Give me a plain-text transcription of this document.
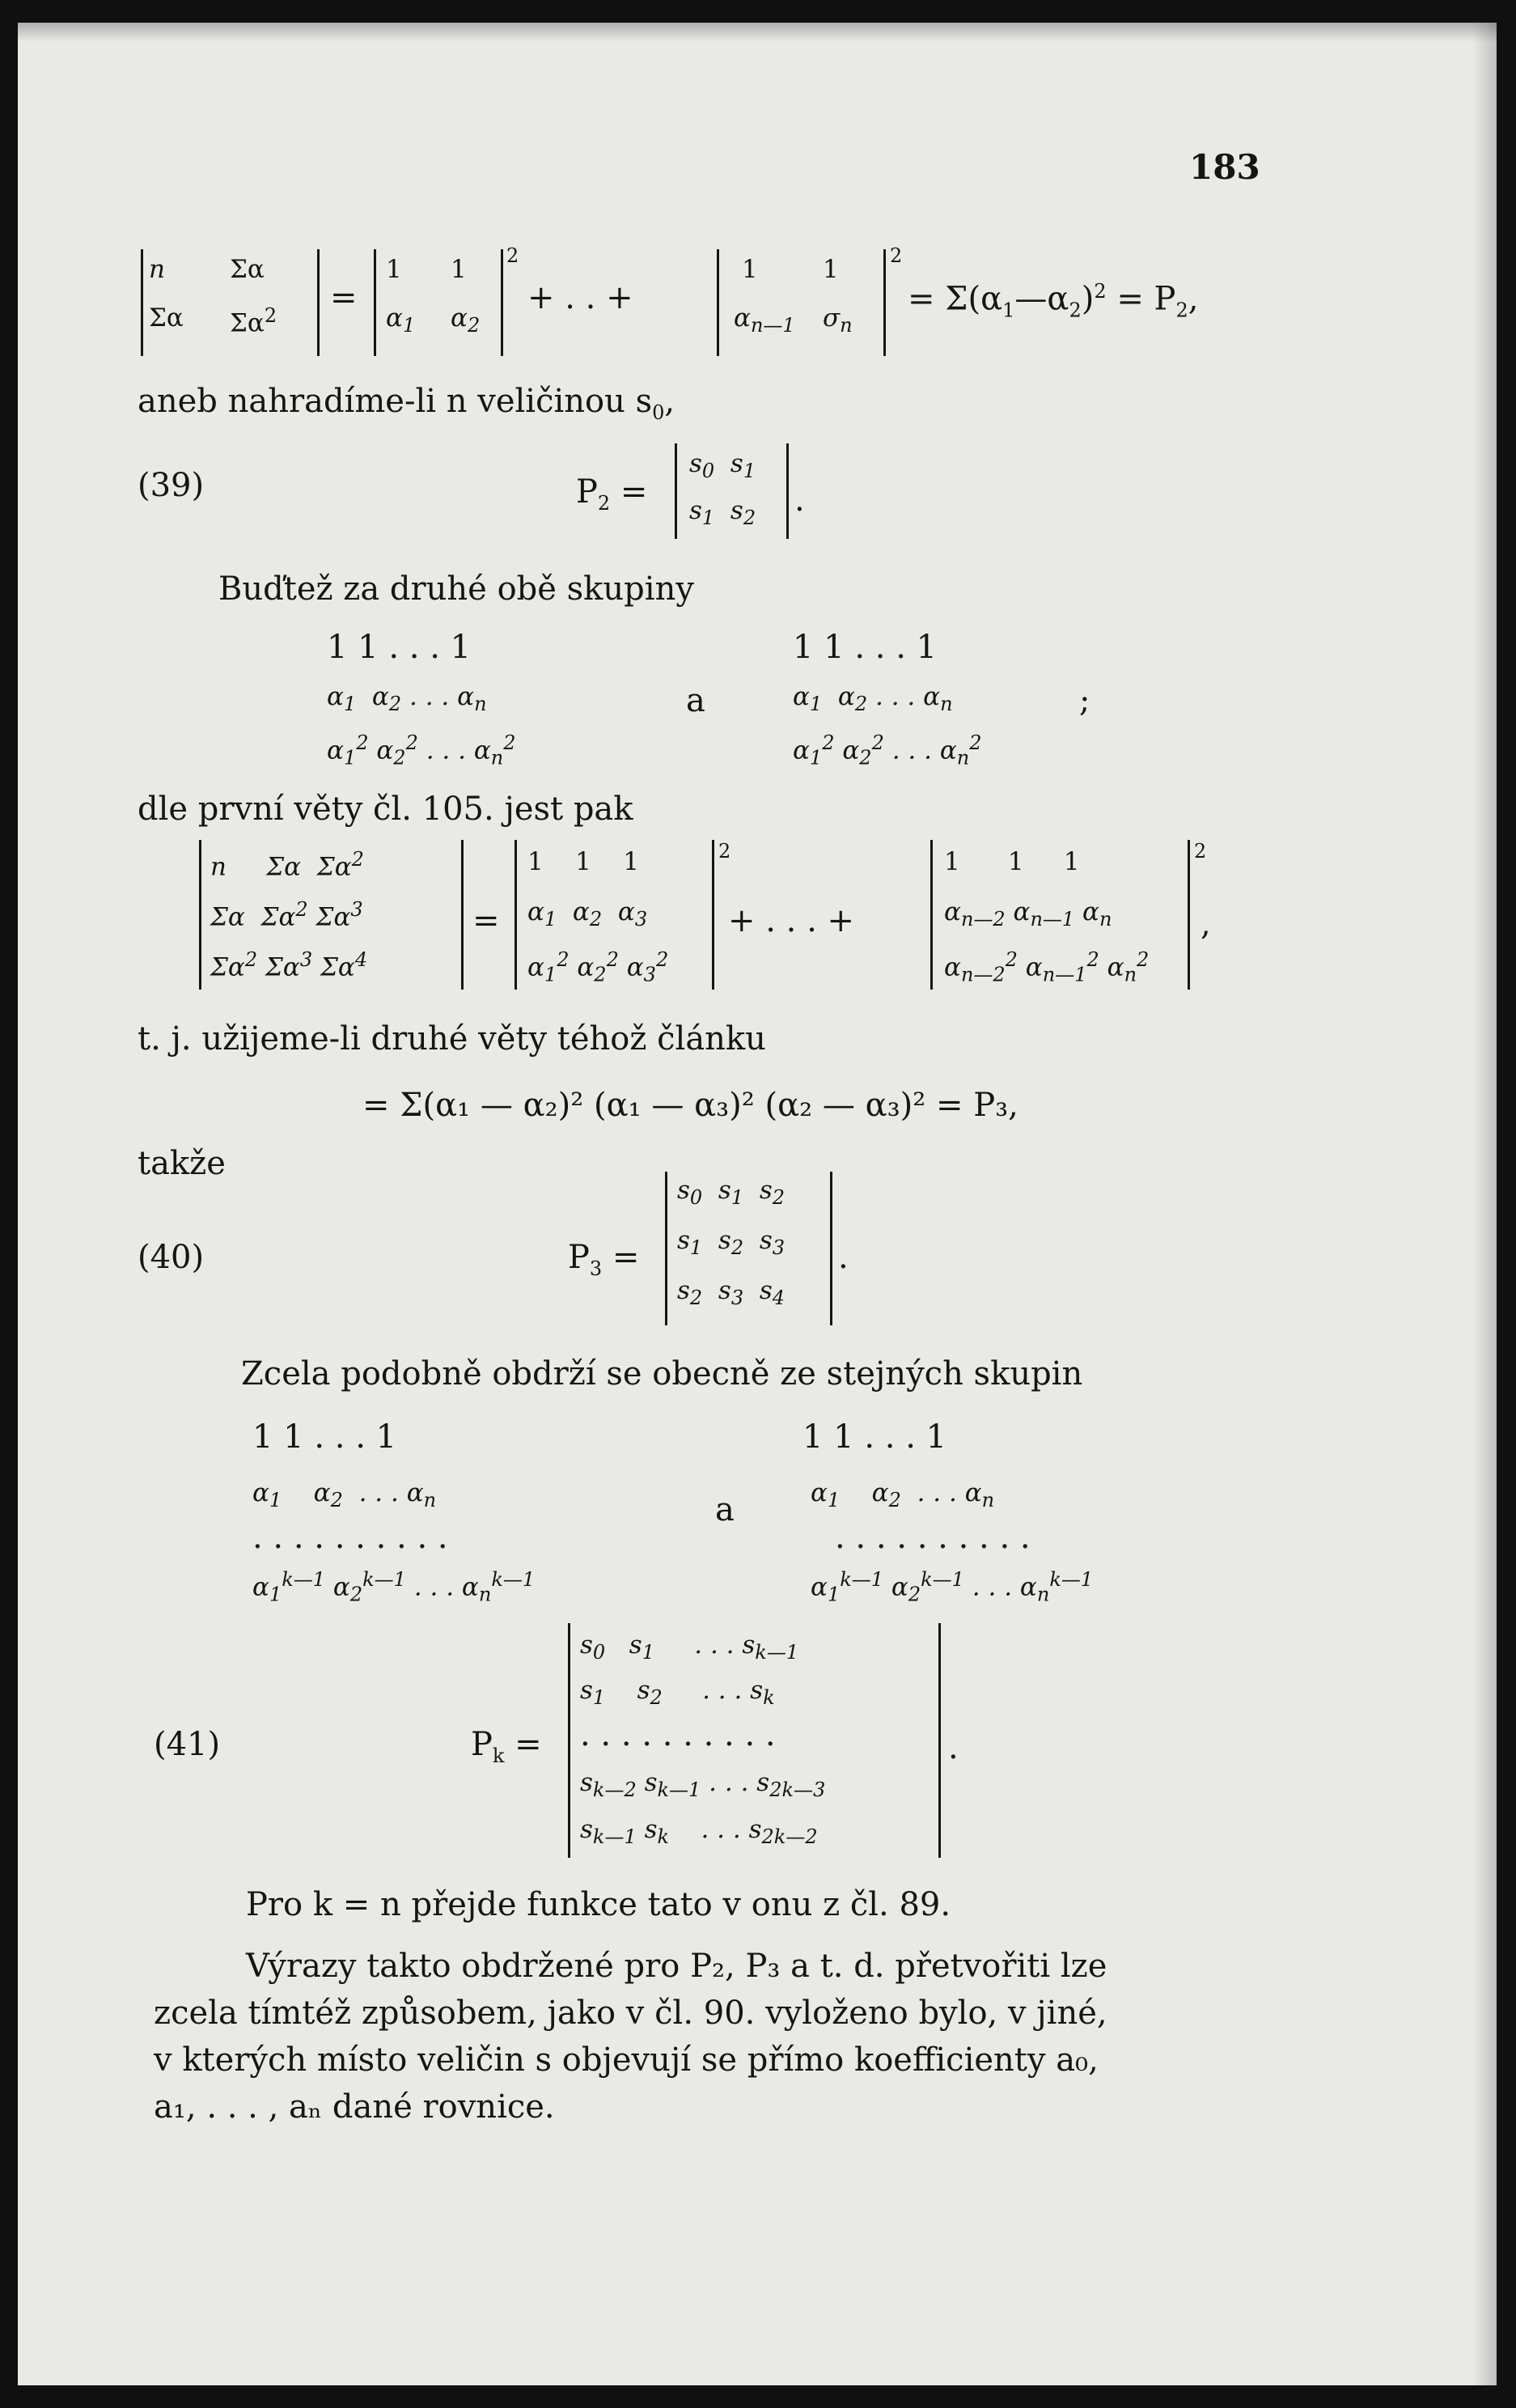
183
n	Σα
Σα $\Sigma\alpha^2$ =
1 1
$\alpha_1$ $\alpha_2$
2
+ . . +
1	1
$\alpha_{n—1}$ $\sigma_n$
2
= $\Sigma(\alpha_1—\alpha_2)^2 = P_2$,
aneb nahradíme-li n veličinou $s_0$,
(39)	$P_2$ =
$s_0$  $s_1$
$s_1$  $s_2$ .
Buďtež za druhé obě skupiny
1 1 . . . 1
$\alpha_1$  $\alpha_2$ . . . $\alpha_n$
$\alpha_1^2$ $\alpha_2^2$ . . . $\alpha_n^2$
a
1 1 . . . 1
$\alpha_1$  $\alpha_2$ . . . $\alpha_n$	;
$\alpha_1^2$ $\alpha_2^2$ . . . $\alpha_n^2$
dle první věty čl. 105. jest pak
n     Σα  $\Sigma\alpha^2$
Σα  $\Sigma\alpha^2$ $\Sigma\alpha^3$
$\Sigma\alpha^2$ $\Sigma\alpha^3$ $\Sigma\alpha^4$
=
1    1    1
$\alpha_1$  $\alpha_2$  $\alpha_3$
$\alpha_1^2$ $\alpha_2^2$ $\alpha_3^2$
2
+ . . . +
1      1     1
$\alpha_{n—2}$ $\alpha_{n—1}$ $\alpha_n$
$\alpha_{n—2}^2$ $\alpha_{n—1}^2$ $\alpha_n^2$
2
,
t. j. užijeme-li druhé věty téhož článku
= Σ(α₁ — α₂)² (α₁ — α₃)² (α₂ — α₃)² = P₃,
takže
(40)	$P_3$ =
$s_0$  $s_1$  $s_2$
$s_1$  $s_2$  $s_3$
$s_2$  $s_3$  $s_4$
.
Zcela podobně obdrží se obecně ze stejných skupin
1 1 . . . 1
$\alpha_1$    $\alpha_2$  . . . $\alpha_n$
. . . . . . . . . .
$\alpha_1^{k—1}$ $\alpha_2^{k—1}$ . . . $\alpha_n^{k—1}$
a
1 1 . . . 1
$\alpha_1$    $\alpha_2$  . . . $\alpha_n$
. . . . . . . . . .
$\alpha_1^{k—1}$ $\alpha_2^{k—1}$ . . . $\alpha_n^{k—1}$
(41)	$P_k$ =
$s_0$   $s_1$     . . . $s_{k—1}$
$s_1$    $s_2$     . . . $s_k$
. . . . . . . . . .
$s_{k—2}$ $s_{k—1}$ . . . $s_{2k—3}$
$s_{k—1}$ $s_k$    . . . $s_{2k—2}$
.
Pro k = n přejde funkce tato v onu z čl. 89.
Výrazy takto obdržené pro P₂, P₃ a t. d. přetvořiti lze
zcela tímtéž způsobem, jako v čl. 90. vyloženo bylo, v jiné,
v kterých místo veličin s objevují se přímo koefficienty a₀,
a₁, . . . , aₙ dané rovnice.
